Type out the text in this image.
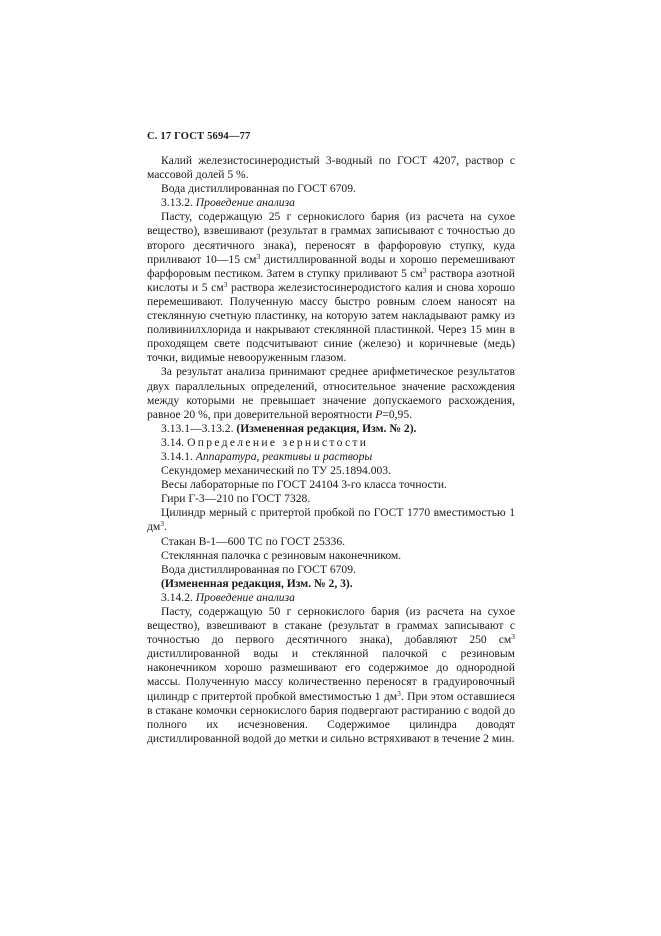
С. 17 ГОСТ 5694—77

Калий железистосинеродистый 3-водный по ГОСТ 4207, раствор с массовой долей 5 %.

Вода дистиллированная по ГОСТ 6709.

3.13.2. Проведение анализа

Пасту, содержащую 25 г сернокислого бария (из расчета на сухое вещество), взвешивают (результат в граммах записывают с точностью до второго десятичного знака), переносят в фарфоровую ступку, куда приливают 10—15 $см^3$ дистиллированной воды и хорошо перемешивают фарфоровым пестиком. Затем в ступку приливают 5 $см^3$ раствора азотной кислоты и 5 $см^3$ раствора железистосинеродистого калия и снова хорошо перемешивают. Полученную массу быстро ровным слоем наносят на стеклянную счетную пластинку, на которую затем накладывают рамку из поливинилхлорида и накрывают стеклянной пластинкой. Через 15 мин в проходящем свете подсчитывают синие (железо) и коричневые (медь) точки, видимые невооруженным глазом.

За результат анализа принимают среднее арифметическое результатов двух параллельных определений, относительное значение расхождения между которыми не превышает значение допускаемого расхождения, равное 20 %, при доверительной вероятности P=0,95.

3.13.1—3.13.2. (Измененная редакция, Изм. № 2).

3.14. Определение зернистости

3.14.1. Аппаратура, реактивы и растворы

Секундомер механический по ТУ 25.1894.003.

Весы лабораторные по ГОСТ 24104 3-го класса точности.

Гири Г-3—210 по ГОСТ 7328.

Цилиндр мерный с притертой пробкой по ГОСТ 1770 вместимостью 1 $дм^3$.

Стакан В-1—600 ТС по ГОСТ 25336.

Стеклянная палочка с резиновым наконечником.

Вода дистиллированная по ГОСТ 6709.

(Измененная редакция, Изм. № 2, 3).

3.14.2. Проведение анализа

Пасту, содержащую 50 г сернокислого бария (из расчета на сухое вещество), взвешивают в стакане (результат в граммах записывают с точностью до первого десятичного знака), добавляют 250 $см^3$ дистиллированной воды и стеклянной палочкой с резиновым наконечником хорошо размешивают его содержимое до однородной массы. Полученную массу количественно переносят в градуировочный цилиндр с притертой пробкой вместимостью 1 $дм^3$. При этом оставшиеся в стакане комочки сернокислого бария подвергают растиранию с водой до полного их исчезновения. Содержимое цилиндра доводят дистиллированной водой до метки и сильно встряхивают в течение 2 мин.
